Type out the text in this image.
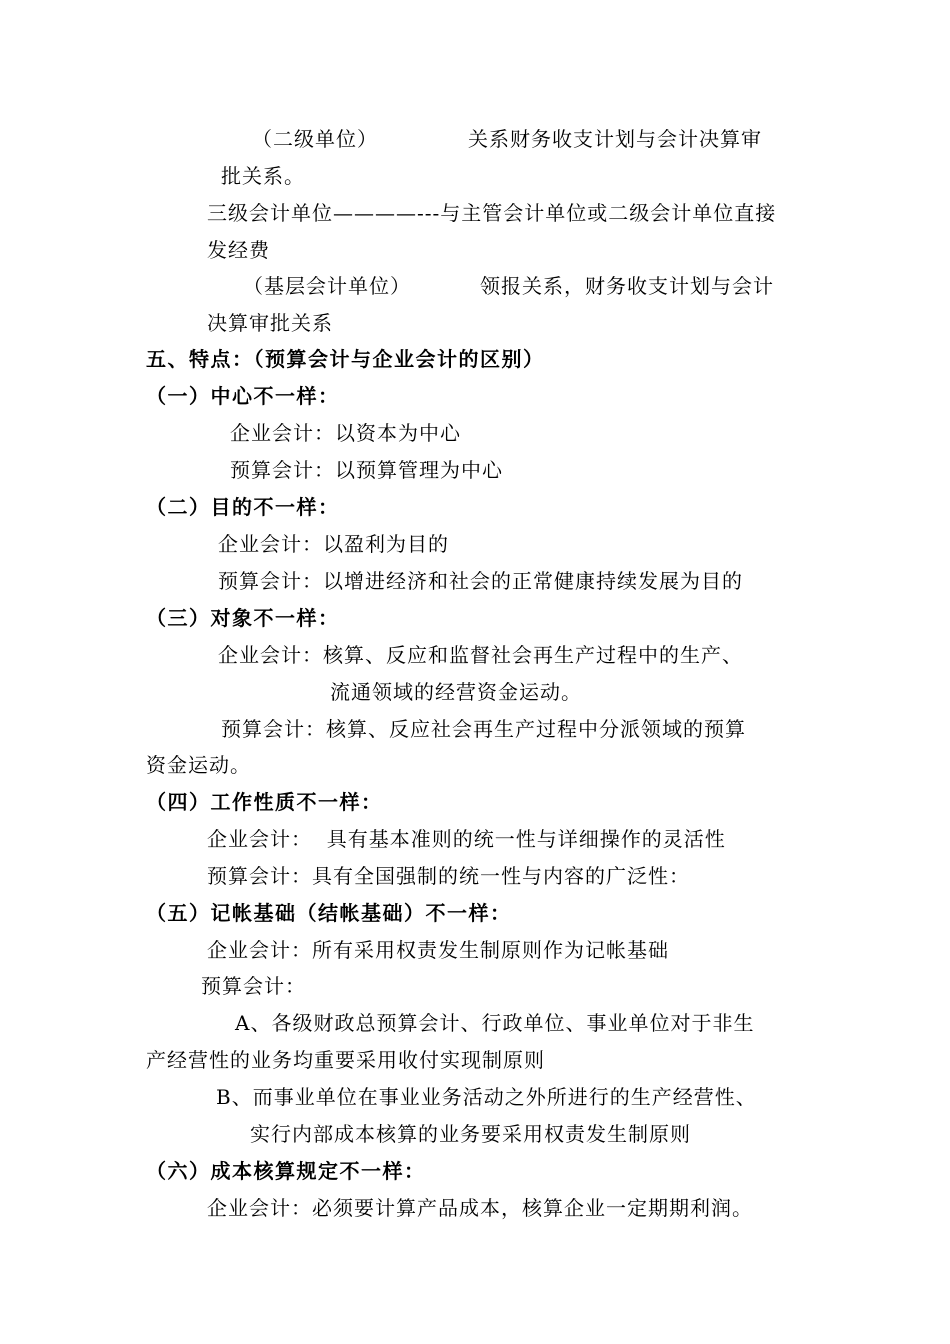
（二级单位）	关系财务收支计划与会计决算审
批关系。
三级会计单位————---与主管会计单位或二级会计单位直接
发经费
（基层会计单位）	领报关系，财务收支计划与会计
决算审批关系
五、特点：（预算会计与企业会计的区别）
（一）中心不一样：
企业会计：以资本为中心
预算会计：以预算管理为中心
（二）目的不一样：
企业会计：以盈利为目的
预算会计：以增进经济和社会的正常健康持续发展为目的
（三）对象不一样：
企业会计：核算、反应和监督社会再生产过程中的生产、
流通领域的经营资金运动。
预算会计：核算、反应社会再生产过程中分派领域的预算
资金运动。
（四）工作性质不一样：
企业会计：  具有基本准则的统一性与详细操作的灵活性
预算会计：具有全国强制的统一性与内容的广泛性：
（五）记帐基础（结帐基础）不一样：
企业会计：所有采用权责发生制原则作为记帐基础
预算会计：
A、各级财政总预算会计、行政单位、事业单位对于非生
产经营性的业务均重要采用收付实现制原则
B、而事业单位在事业业务活动之外所进行的生产经营性、
实行内部成本核算的业务要采用权责发生制原则
（六）成本核算规定不一样：
企业会计：必须要计算产品成本，核算企业一定期期利润。
